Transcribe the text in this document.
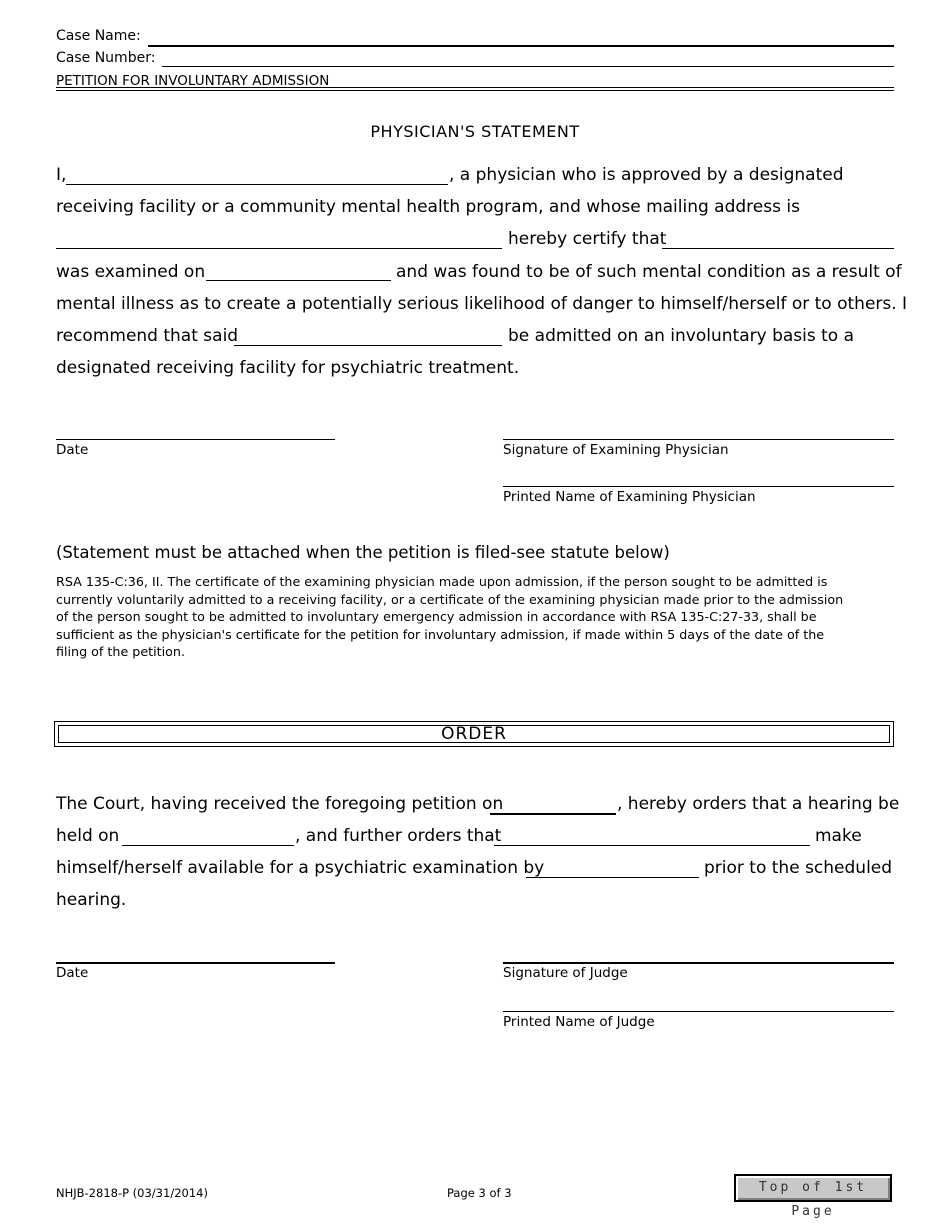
Case Name:
Case Number:
PETITION FOR INVOLUNTARY ADMISSION
PHYSICIAN'S STATEMENT
I,	, a physician who is approved by a designated
receiving facility or a community mental health program, and whose mailing address is
hereby certify that
was examined on	and was found to be of such mental condition as a result of
mental illness as to create a potentially serious likelihood of danger to himself/herself or to others. I
recommend that said	be admitted on an involuntary basis to a
designated receiving facility for psychiatric treatment.
Date	Signature of Examining Physician
Printed Name of Examining Physician
(Statement must be attached when the petition is filed-see statute below)
RSA 135-C:36, II. The certificate of the examining physician made upon admission, if the person sought to be admitted is
currently voluntarily admitted to a receiving facility, or a certificate of the examining physician made prior to the admission
of the person sought to be admitted to involuntary emergency admission in accordance with RSA 135-C:27-33, shall be
sufficient as the physician's certificate for the petition for involuntary admission, if made within 5 days of the date of the
filing of the petition.
ORDER
The Court, having received the foregoing petition on	, hereby orders that a hearing be
held on	, and further orders that	make
himself/herself available for a psychiatric examination by	prior to the scheduled
hearing.
Date	Signature of Judge
Printed Name of Judge
NHJB-2818-P (03/31/2014)	Page 3 of 3	Top of 1st Page
